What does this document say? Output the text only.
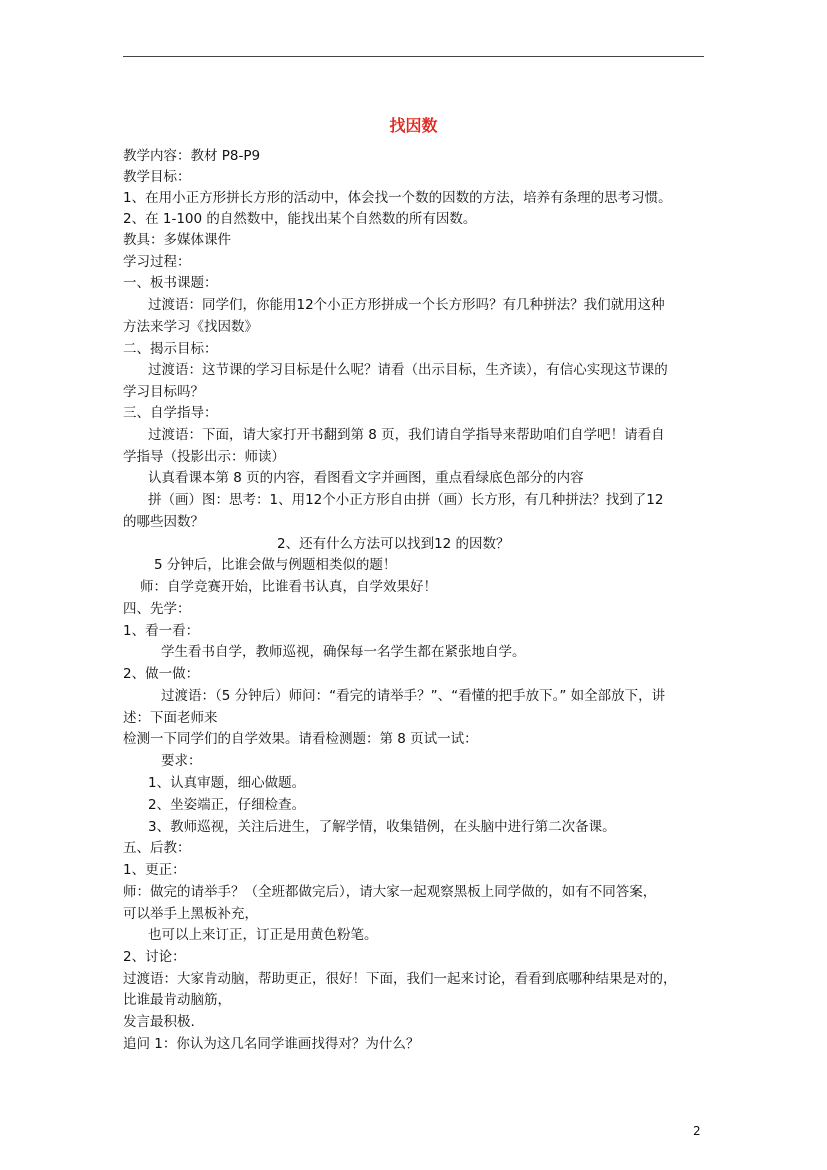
找因数
教学内容：教材 P8-P9
教学目标：
1、在用小正方形拼长方形的活动中，体会找一个数的因数的方法，培养有条理的思考习惯。
2、在 1-100 的自然数中，能找出某个自然数的所有因数。
教具：多媒体课件
学习过程：
一、板书课题：
过渡语：同学们，你能用12个小正方形拼成一个长方形吗？有几种拼法？我们就用这种
方法来学习《找因数》
二、揭示目标：
过渡语：这节课的学习目标是什么呢？请看（出示目标，生齐读），有信心实现这节课的
学习目标吗？
三、自学指导：
过渡语：下面，请大家打开书翻到第 8 页，我们请自学指导来帮助咱们自学吧！请看自
学指导（投影出示：师读）
认真看课本第 8 页的内容，看图看文字并画图，重点看绿底色部分的内容
拼（画）图：思考：1、用12个小正方形自由拼（画）长方形，有几种拼法？找到了12
的哪些因数？
2、还有什么方法可以找到12 的因数？
5 分钟后，比谁会做与例题相类似的题！
师：自学竞赛开始，比谁看书认真，自学效果好！
四、先学：
1、看一看：
学生看书自学，教师巡视，确保每一名学生都在紧张地自学。
2、做一做：
过渡语：（5 分钟后）师问：“看完的请举手？”、“看懂的把手放下。” 如全部放下，讲
述：下面老师来
检测一下同学们的自学效果。请看检测题：第 8 页试一试：
要求：
1、认真审题，细心做题。
2、坐姿端正，仔细检查。
3、教师巡视，关注后进生，了解学情，收集错例，在头脑中进行第二次备课。
五、后教：
1、更正：
师：做完的请举手？（全班都做完后），请大家一起观察黑板上同学做的，如有不同答案，
可以举手上黑板补充，
也可以上来订正，订正是用黄色粉笔。
2、讨论：
过渡语：大家肯动脑，帮助更正，很好！下面，我们一起来讨论，看看到底哪种结果是对的，
比谁最肯动脑筋，
发言最积极.
追问 1：你认为这几名同学谁画找得对？为什么？
2
